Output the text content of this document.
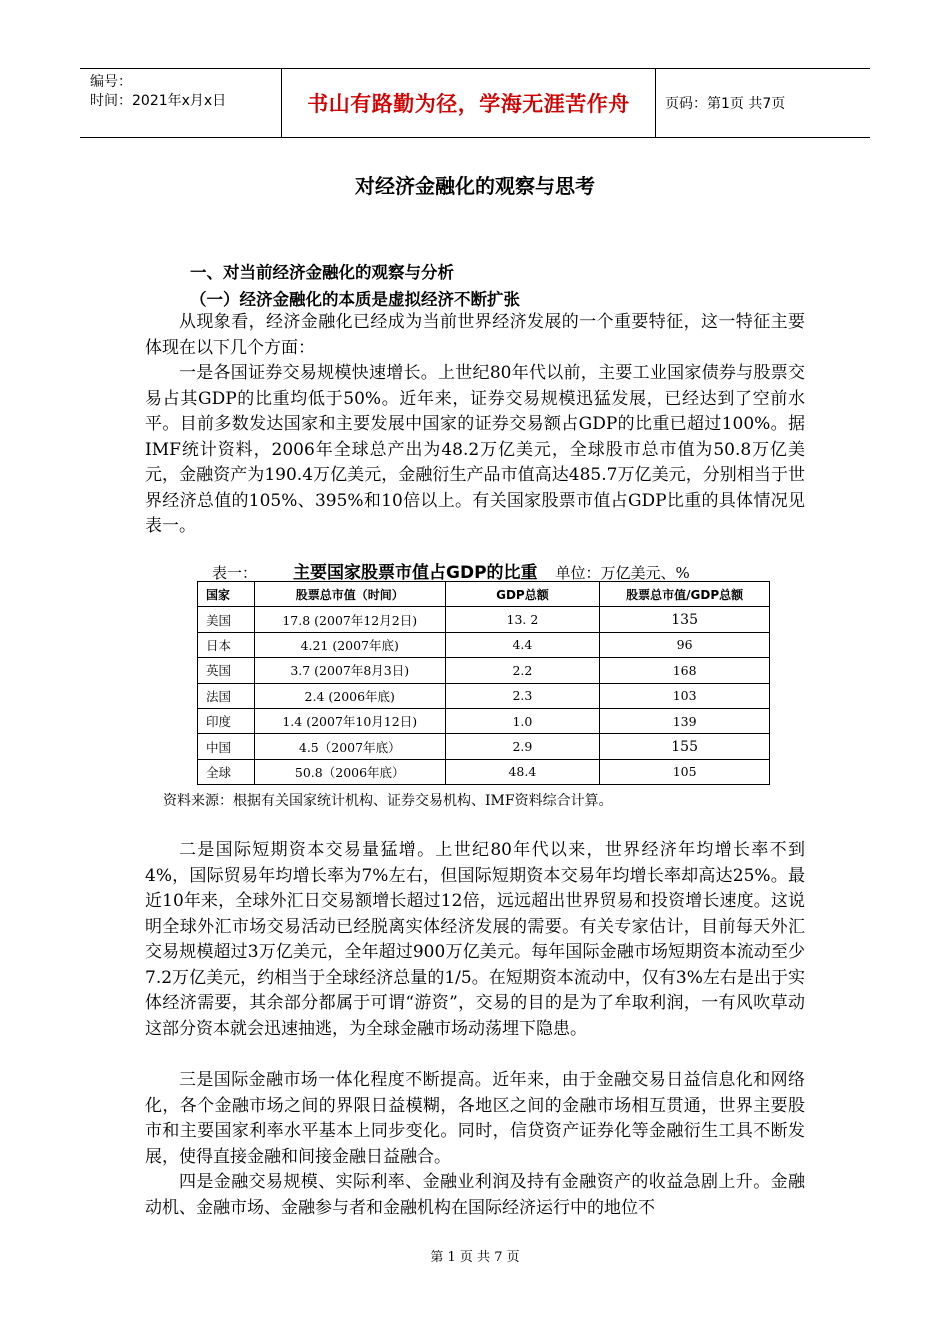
编号：
时间：2021年x月x日	书山有路勤为径，学海无涯苦作舟	页码：第1页 共7页
对经济金融化的观察与思考
一、对当前经济金融化的观察与分析
（一）经济金融化的本质是虚拟经济不断扩张

从现象看，经济金融化已经成为当前世界经济发展的一个重要特征，这一特征主要体现在以下几个方面：

一是各国证券交易规模快速增长。上世纪80年代以前，主要工业国家债券与股票交易占其GDP的比重均低于50%。近年来，证券交易规模迅猛发展，已经达到了空前水平。目前多数发达国家和主要发展中国家的证券交易额占GDP的比重已超过100%。据IMF统计资料，2006年全球总产出为48.2万亿美元，全球股市总市值为50.8万亿美元，金融资产为190.4万亿美元，金融衍生产品市值高达485.7万亿美元，分别相当于世界经济总值的105%、395%和10倍以上。有关国家股票市值占GDP比重的具体情况见表一。

表一： 主要国家股票市值占GDP的比重 单位：万亿美元、%
国家	股票总市值（时间）	GDP总额	股票总市值/GDP总额
美国	17.8 (2007年12月2日)	13. 2	135
日本	4.21 (2007年底)	4.4	96
英国	3.7 (2007年8月3日)	2.2	168
法国	2.4 (2006年底)	2.3	103
印度	1.4 (2007年10月12日)	1.0	139
中国	4.5（2007年底）	2.9	155
全球	50.8（2006年底）	48.4	105
资料来源：根据有关国家统计机构、证券交易机构、IMF资料综合计算。

二是国际短期资本交易量猛增。上世纪80年代以来，世界经济年均增长率不到4%，国际贸易年均增长率为7%左右，但国际短期资本交易年均增长率却高达25%。最近10年来，全球外汇日交易额增长超过12倍，远远超出世界贸易和投资增长速度。这说明全球外汇市场交易活动已经脱离实体经济发展的需要。有关专家估计，目前每天外汇交易规模超过3万亿美元，全年超过900万亿美元。每年国际金融市场短期资本流动至少7.2万亿美元，约相当于全球经济总量的1/5。在短期资本流动中，仅有3%左右是出于实体经济需要，其余部分都属于可谓“游资”，交易的目的是为了牟取利润，一有风吹草动这部分资本就会迅速抽逃，为全球金融市场动荡埋下隐患。

三是国际金融市场一体化程度不断提高。近年来，由于金融交易日益信息化和网络化，各个金融市场之间的界限日益模糊，各地区之间的金融市场相互贯通，世界主要股市和主要国家利率水平基本上同步变化。同时，信贷资产证券化等金融衍生工具不断发展，使得直接金融和间接金融日益融合。

四是金融交易规模、实际利率、金融业利润及持有金融资产的收益急剧上升。金融动机、金融市场、金融参与者和金融机构在国际经济运行中的地位不

第 1 页 共 7 页
